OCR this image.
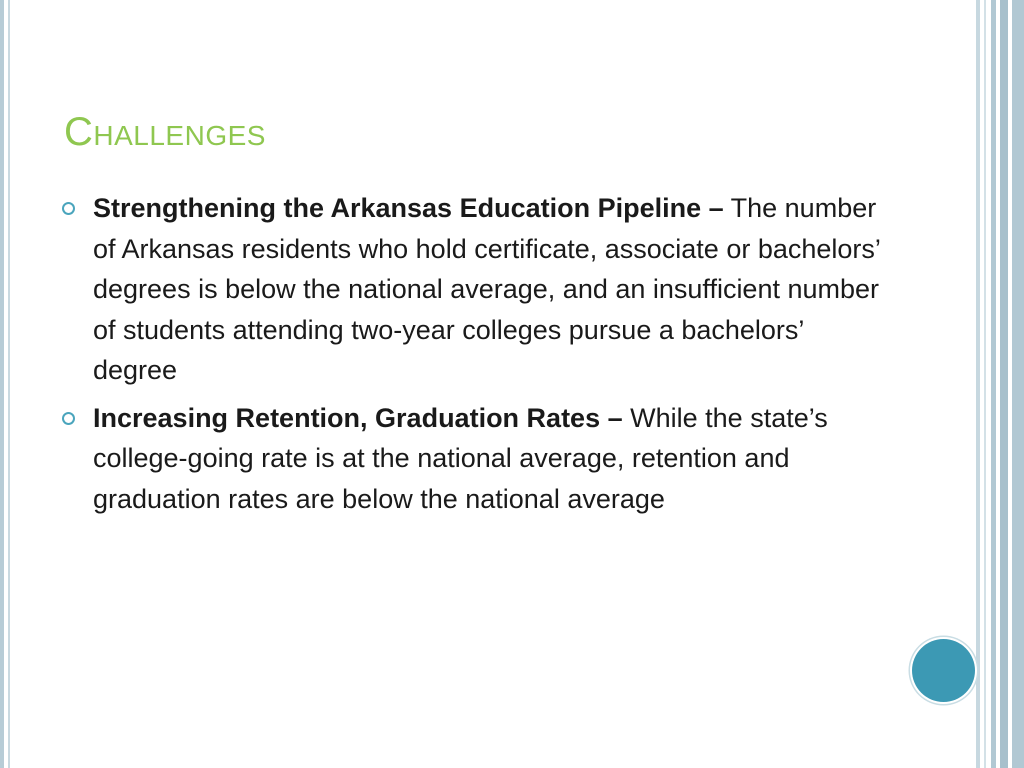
Challenges
Strengthening the Arkansas Education Pipeline – The number of Arkansas residents who hold certificate, associate or bachelors’ degrees is below the national average, and an insufficient number of students attending two-year colleges pursue a bachelors’ degree
Increasing Retention, Graduation Rates – While the state’s college-going rate is at the national average, retention and graduation rates are below the national average
